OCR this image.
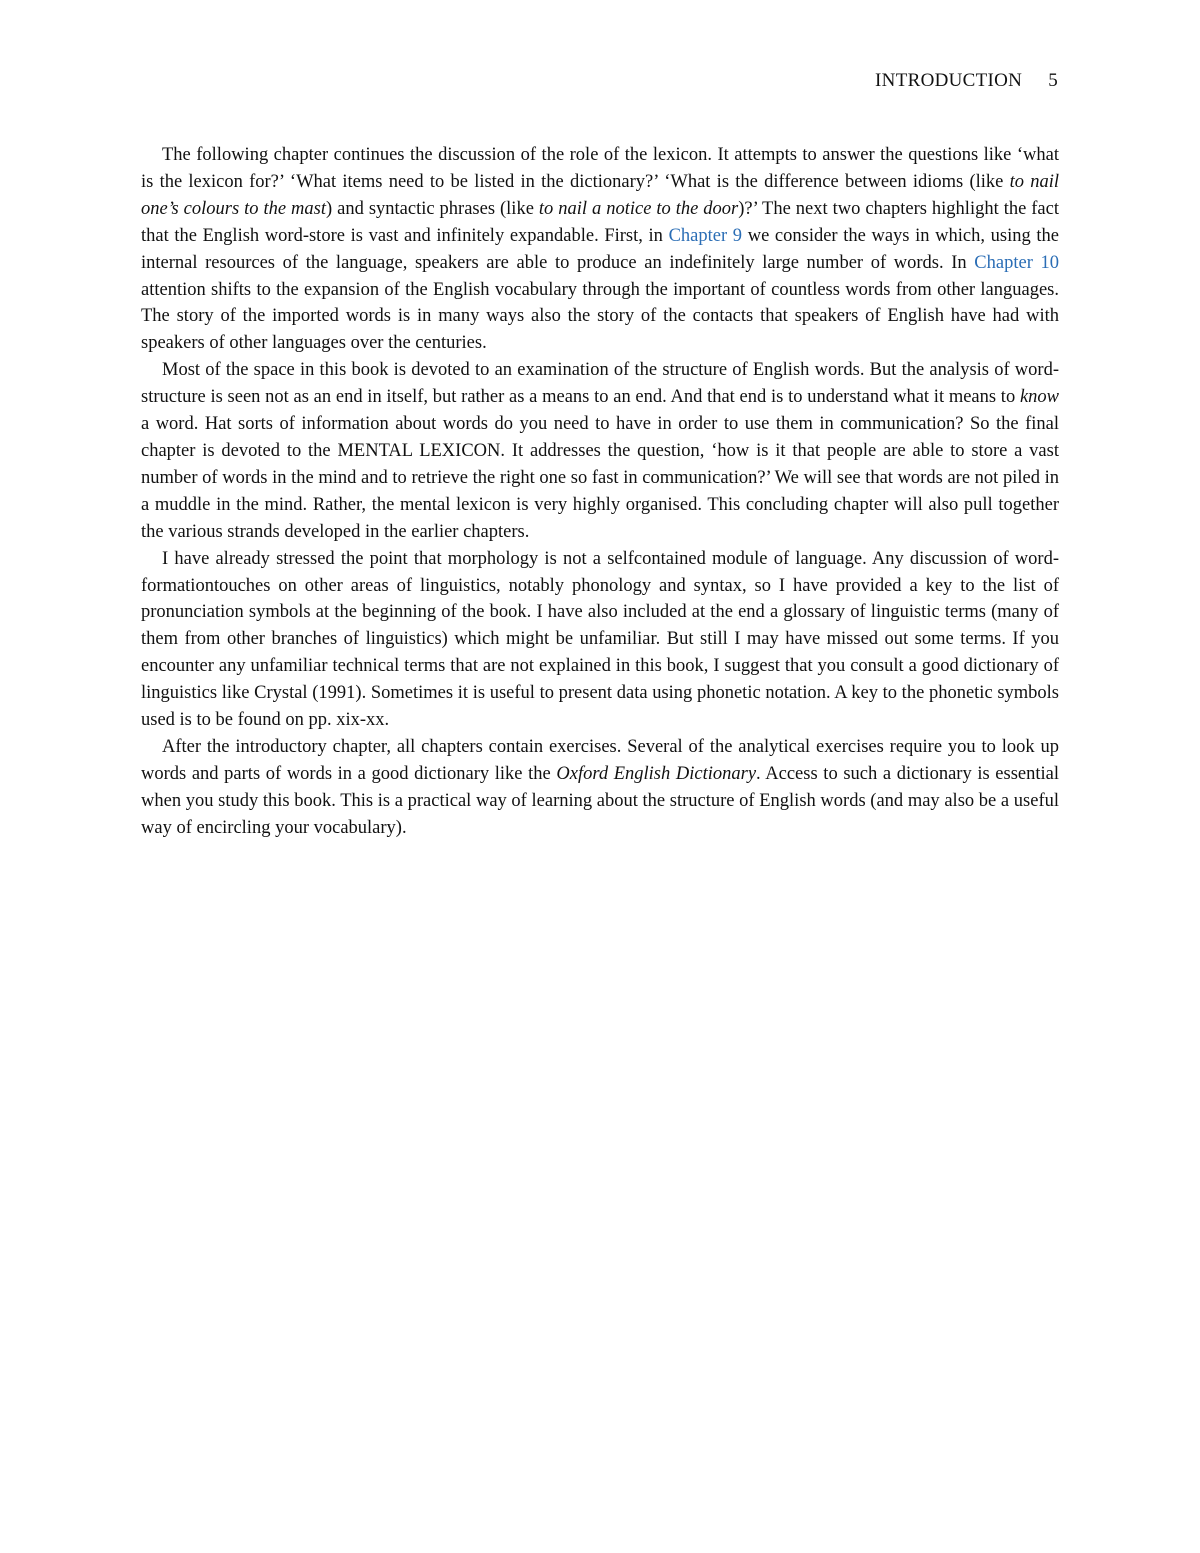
INTRODUCTION 5

The following chapter continues the discussion of the role of the lexicon. It attempts to answer the questions like ‘what is the lexicon for?’ ‘What items need to be listed in the dictionary?’ ‘What is the difference between idioms (like to nail one’s colours to the mast) and syntactic phrases (like to nail a notice to the door)?’ The next two chapters highlight the fact that the English word-store is vast and infinitely expandable. First, in Chapter 9 we consider the ways in which, using the internal resources of the language, speakers are able to produce an indefinitely large number of words. In Chapter 10 attention shifts to the expansion of the English vocabulary through the important of countless words from other languages. The story of the imported words is in many ways also the story of the contacts that speakers of English have had with speakers of other languages over the centuries.

Most of the space in this book is devoted to an examination of the structure of English words. But the analysis of word-structure is seen not as an end in itself, but rather as a means to an end. And that end is to understand what it means to know a word. Hat sorts of information about words do you need to have in order to use them in communication? So the final chapter is devoted to the MENTAL LEXICON. It addresses the question, ‘how is it that people are able to store a vast number of words in the mind and to retrieve the right one so fast in communication?’ We will see that words are not piled in a muddle in the mind. Rather, the mental lexicon is very highly organised. This concluding chapter will also pull together the various strands developed in the earlier chapters.

I have already stressed the point that morphology is not a selfcontained module of language. Any discussion of word-formationtouches on other areas of linguistics, notably phonology and syntax, so I have provided a key to the list of pronunciation symbols at the beginning of the book. I have also included at the end a glossary of linguistic terms (many of them from other branches of linguistics) which might be unfamiliar. But still I may have missed out some terms. If you encounter any unfamiliar technical terms that are not explained in this book, I suggest that you consult a good dictionary of linguistics like Crystal (1991). Sometimes it is useful to present data using phonetic notation. A key to the phonetic symbols used is to be found on pp. xix-xx.

After the introductory chapter, all chapters contain exercises. Several of the analytical exercises require you to look up words and parts of words in a good dictionary like the Oxford English Dictionary. Access to such a dictionary is essential when you study this book. This is a practical way of learning about the structure of English words (and may also be a useful way of encircling your vocabulary).
